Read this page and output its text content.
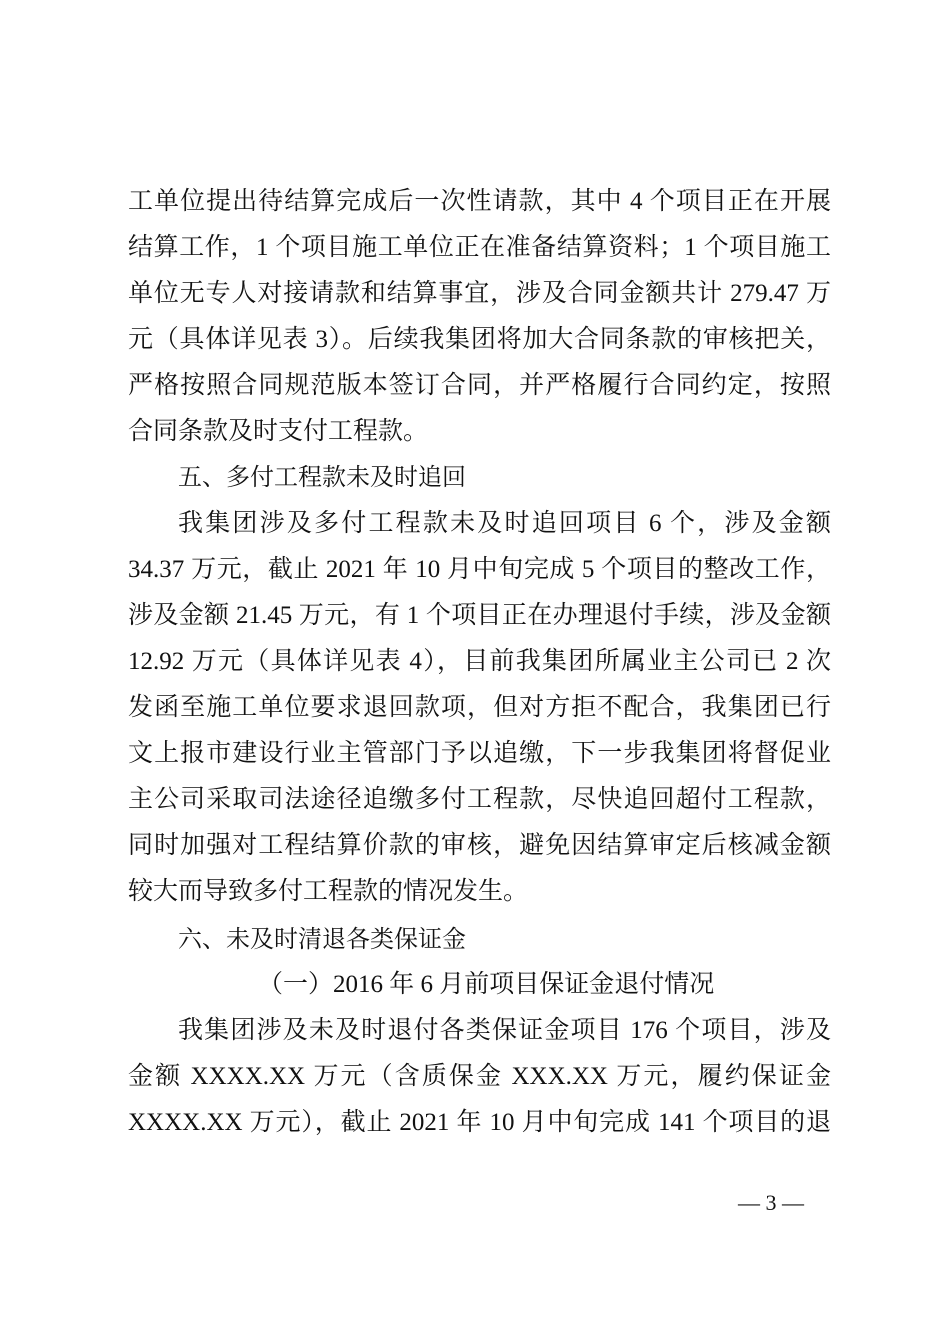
工单位提出待结算完成后一次性请款，其中 4 个项目正在开展
结算工作，1 个项目施工单位正在准备结算资料；1 个项目施工
单位无专人对接请款和结算事宜，涉及合同金额共计 279.47 万
元（具体详见表 3）。后续我集团将加大合同条款的审核把关，
严格按照合同规范版本签订合同，并严格履行合同约定，按照
合同条款及时支付工程款。
五、多付工程款未及时追回
我集团涉及多付工程款未及时追回项目 6 个，涉及金额
34.37 万元，截止 2021 年 10 月中旬完成 5 个项目的整改工作，
涉及金额 21.45 万元，有 1 个项目正在办理退付手续，涉及金额
12.92 万元（具体详见表 4），目前我集团所属业主公司已 2 次
发函至施工单位要求退回款项，但对方拒不配合，我集团已行
文上报市建设行业主管部门予以追缴，下一步我集团将督促业
主公司采取司法途径追缴多付工程款，尽快追回超付工程款，
同时加强对工程结算价款的审核，避免因结算审定后核减金额
较大而导致多付工程款的情况发生。
六、未及时清退各类保证金
（一）2016 年 6 月前项目保证金退付情况
我集团涉及未及时退付各类保证金项目 176 个项目，涉及
金额 XXXX.XX 万元（含质保金 XXX.XX 万元，履约保证金
XXXX.XX 万元），截止 2021 年 10 月中旬完成 141 个项目的退
— 3 —
